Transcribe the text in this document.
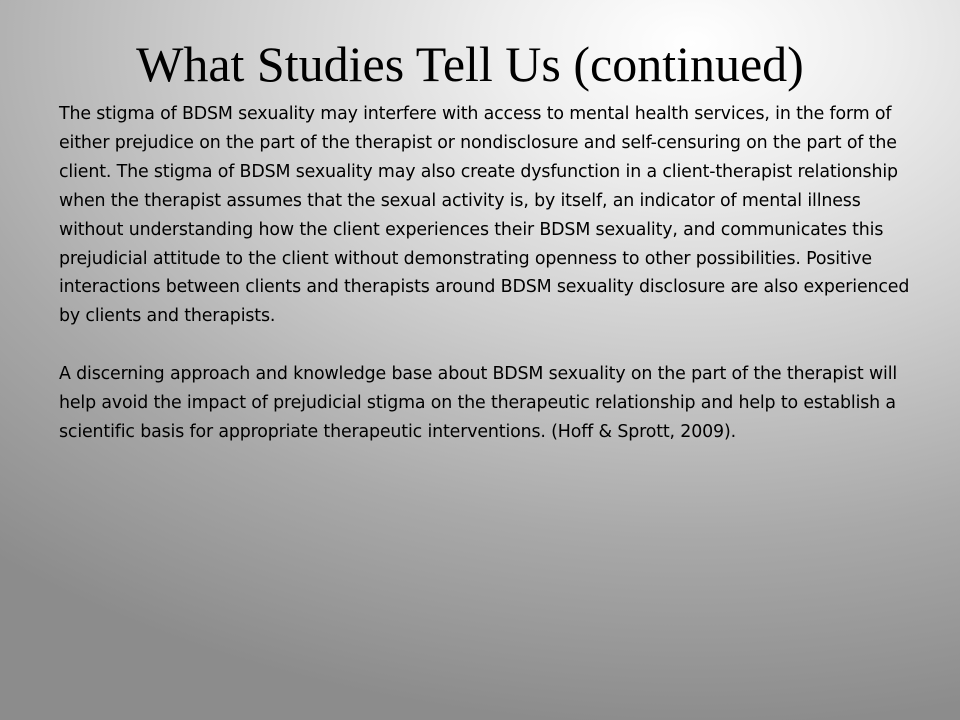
What Studies Tell Us (continued)

The stigma of BDSM sexuality may interfere with access to mental health services, in the form of either prejudice on the part of the therapist or nondisclosure and self-censuring on the part of the client. The stigma of BDSM sexuality may also create dysfunction in a client-therapist relationship when the therapist assumes that the sexual activity is, by itself, an indicator of mental illness without understanding how the client experiences their BDSM sexuality, and communicates this prejudicial attitude to the client without demonstrating openness to other possibilities. Positive interactions between clients and therapists around BDSM sexuality disclosure are also experienced by clients and therapists.

A discerning approach and knowledge base about BDSM sexuality on the part of the therapist will help avoid the impact of prejudicial stigma on the therapeutic relationship and help to establish a scientific basis for appropriate therapeutic interventions. (Hoff & Sprott, 2009).
